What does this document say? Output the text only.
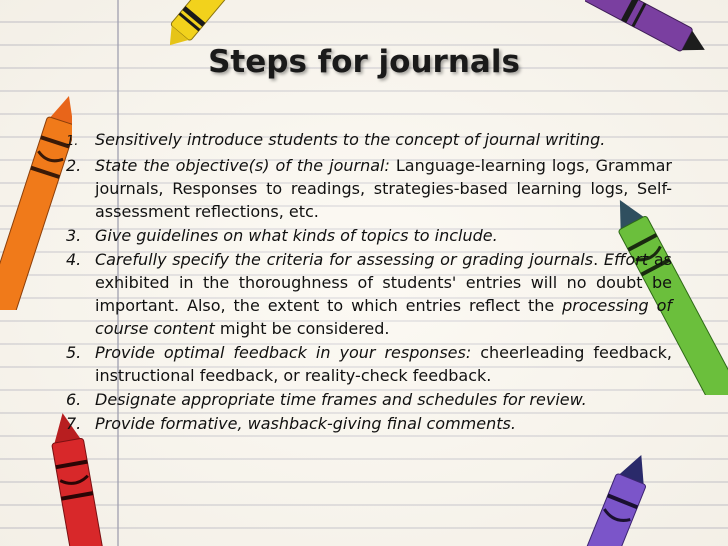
Steps for journals
1. Sensitively introduce students to the concept of journal writing.
2. State the objective(s) of the journal: Language-learning logs, Grammar journals, Responses to readings, strategies-based learning logs, Self-assessment reflections, etc.
3. Give guidelines on what kinds of topics to include.
4. Carefully specify the criteria for assessing or grading journals. Effort as exhibited in the thoroughness of students' entries will no doubt be important. Also, the extent to which entries reflect the processing of course content might be considered.
5. Provide optimal feedback in your responses: cheerleading feedback, instructional feedback, or reality-check feedback.
6. Designate appropriate time frames and schedules for review.
7. Provide formative, washback-giving final comments.
